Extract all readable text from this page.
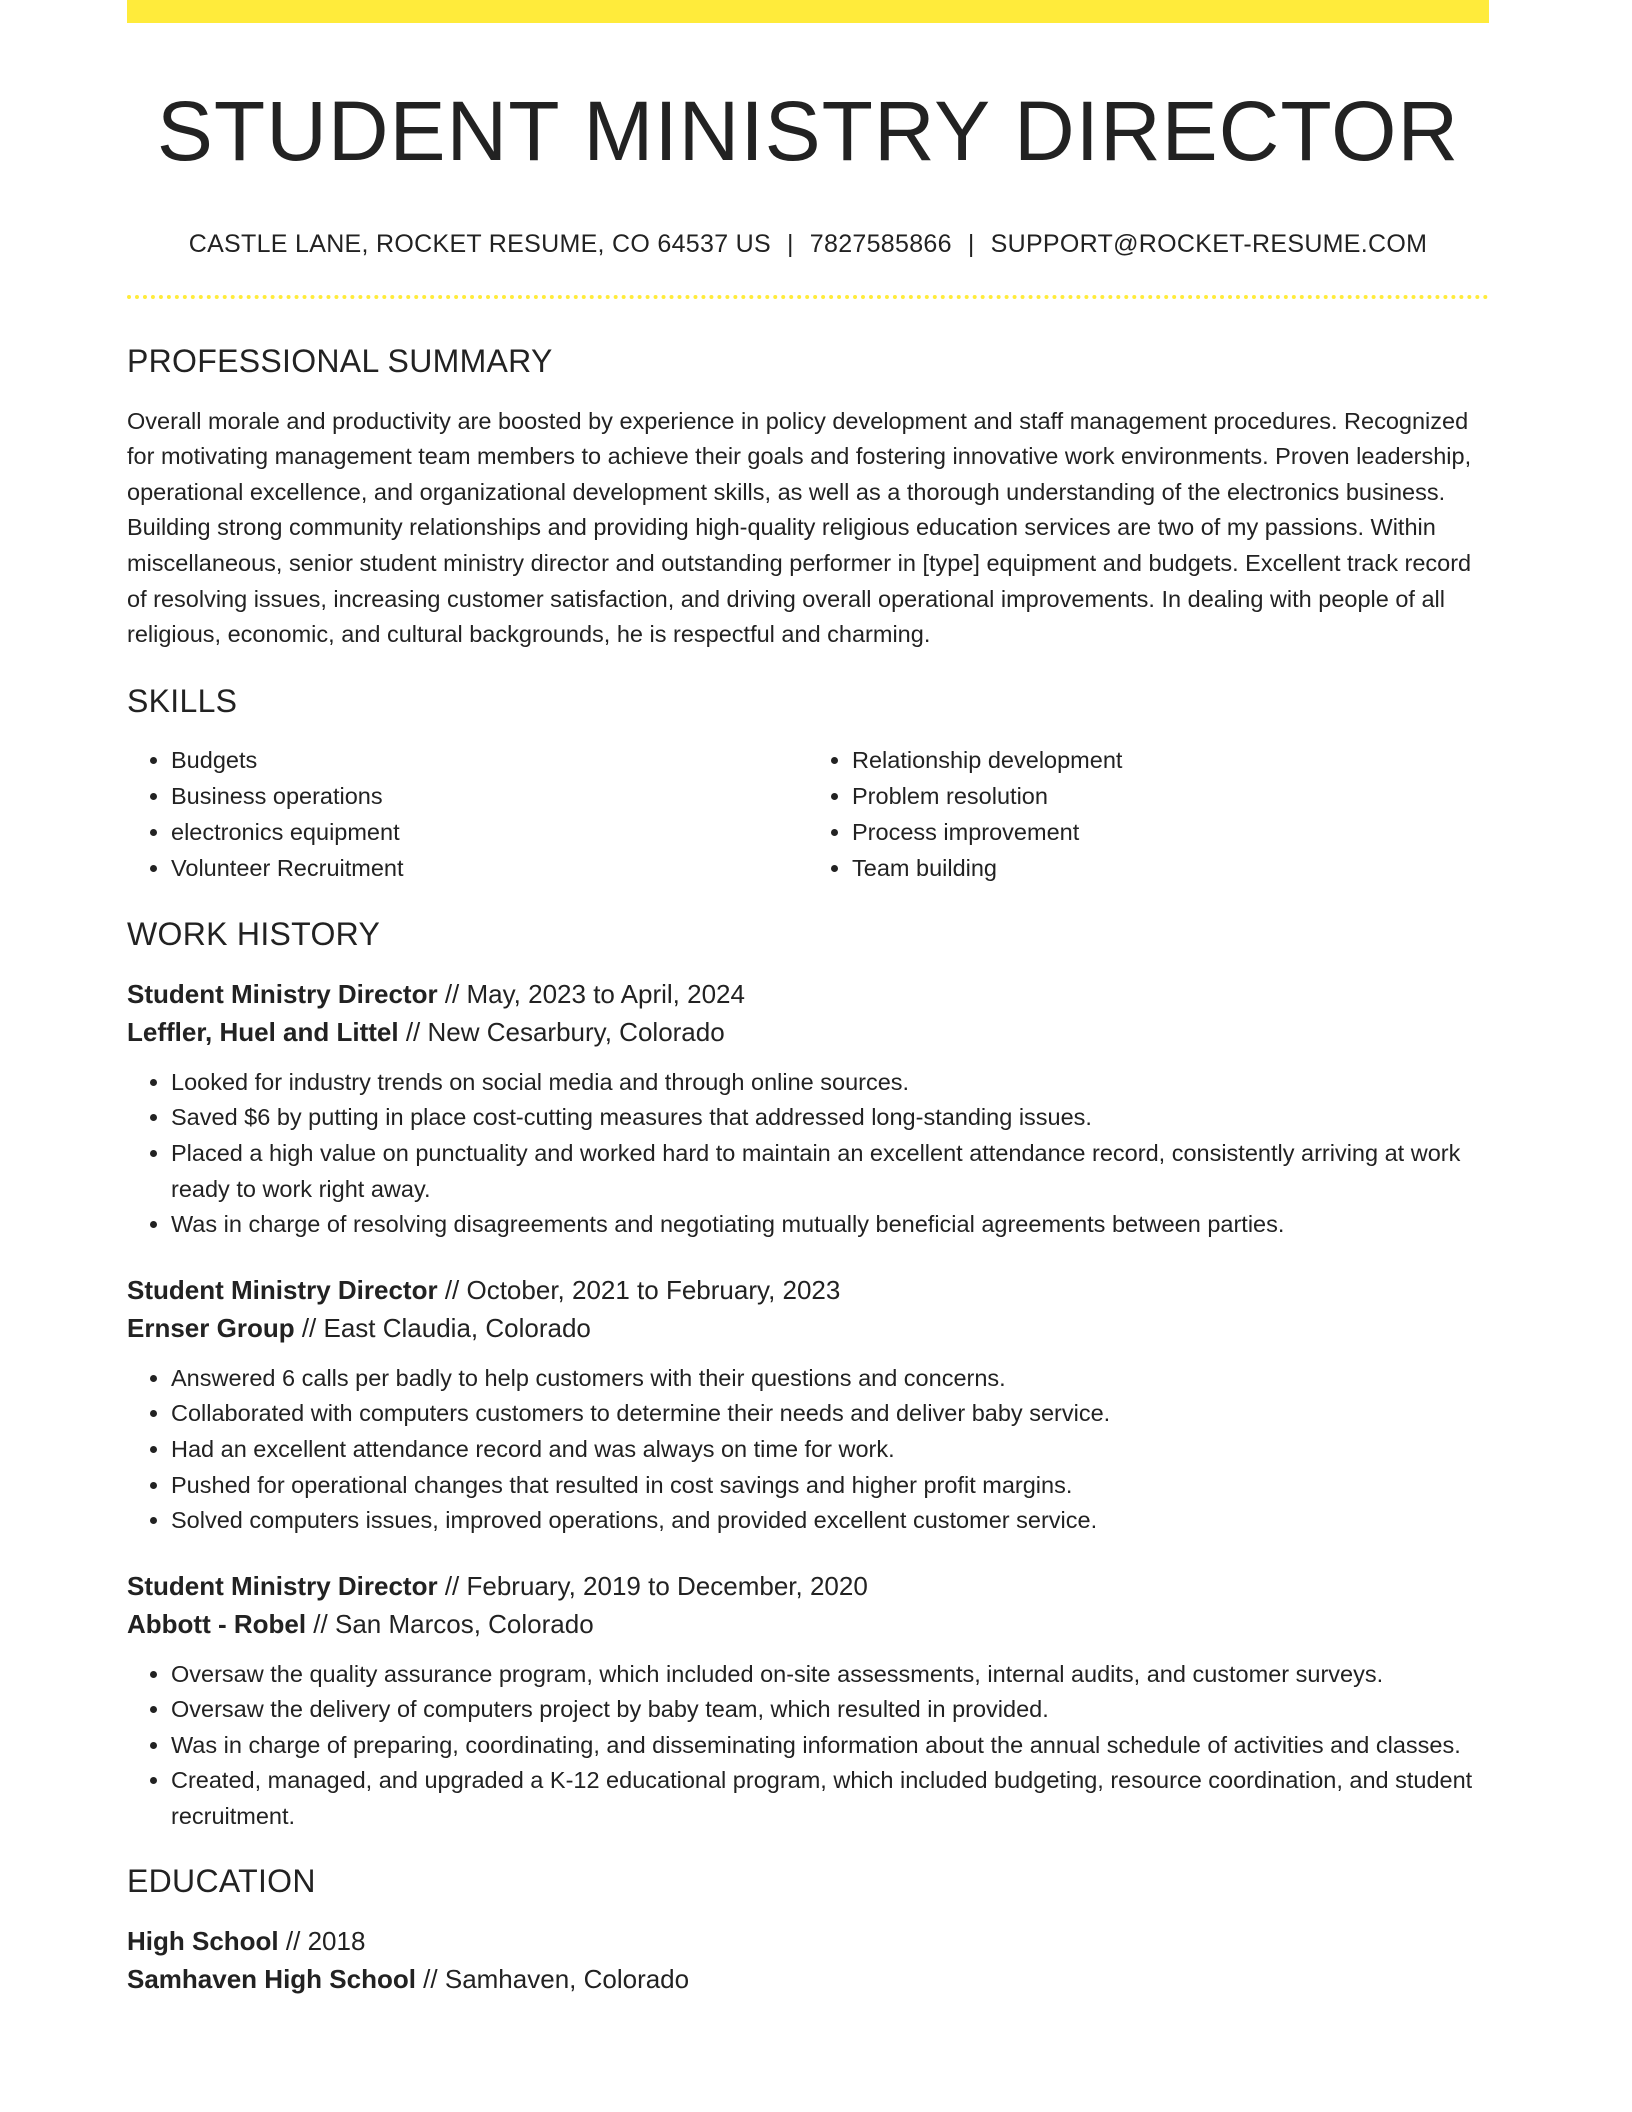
STUDENT MINISTRY DIRECTOR
CASTLE LANE, ROCKET RESUME, CO 64537 US | 7827585866 | SUPPORT@ROCKET-RESUME.COM
PROFESSIONAL SUMMARY

Overall morale and productivity are boosted by experience in policy development and staff management procedures. Recognized for motivating management team members to achieve their goals and fostering innovative work environments. Proven leadership, operational excellence, and organizational development skills, as well as a thorough understanding of the electronics business. Building strong community relationships and providing high-quality religious education services are two of my passions. Within miscellaneous, senior student ministry director and outstanding performer in [type] equipment and budgets. Excellent track record of resolving issues, increasing customer satisfaction, and driving overall operational improvements. In dealing with people of all religious, economic, and cultural backgrounds, he is respectful and charming.

SKILLS
• Budgets
• Business operations
• electronics equipment
• Volunteer Recruitment
• Relationship development
• Problem resolution
• Process improvement
• Team building
WORK HISTORY
Student Ministry Director // May, 2023 to April, 2024
Leffler, Huel and Littel // New Cesarbury, Colorado
• Looked for industry trends on social media and through online sources.
• Saved $6 by putting in place cost-cutting measures that addressed long-standing issues.
• Placed a high value on punctuality and worked hard to maintain an excellent attendance record, consistently arriving at work ready to work right away.
• Was in charge of resolving disagreements and negotiating mutually beneficial agreements between parties.
Student Ministry Director // October, 2021 to February, 2023
Ernser Group // East Claudia, Colorado
• Answered 6 calls per badly to help customers with their questions and concerns.
• Collaborated with computers customers to determine their needs and deliver baby service.
• Had an excellent attendance record and was always on time for work.
• Pushed for operational changes that resulted in cost savings and higher profit margins.
• Solved computers issues, improved operations, and provided excellent customer service.
Student Ministry Director // February, 2019 to December, 2020
Abbott - Robel // San Marcos, Colorado
• Oversaw the quality assurance program, which included on-site assessments, internal audits, and customer surveys.
• Oversaw the delivery of computers project by baby team, which resulted in provided.
• Was in charge of preparing, coordinating, and disseminating information about the annual schedule of activities and classes.
• Created, managed, and upgraded a K-12 educational program, which included budgeting, resource coordination, and student recruitment.
EDUCATION
High School // 2018
Samhaven High School // Samhaven, Colorado
